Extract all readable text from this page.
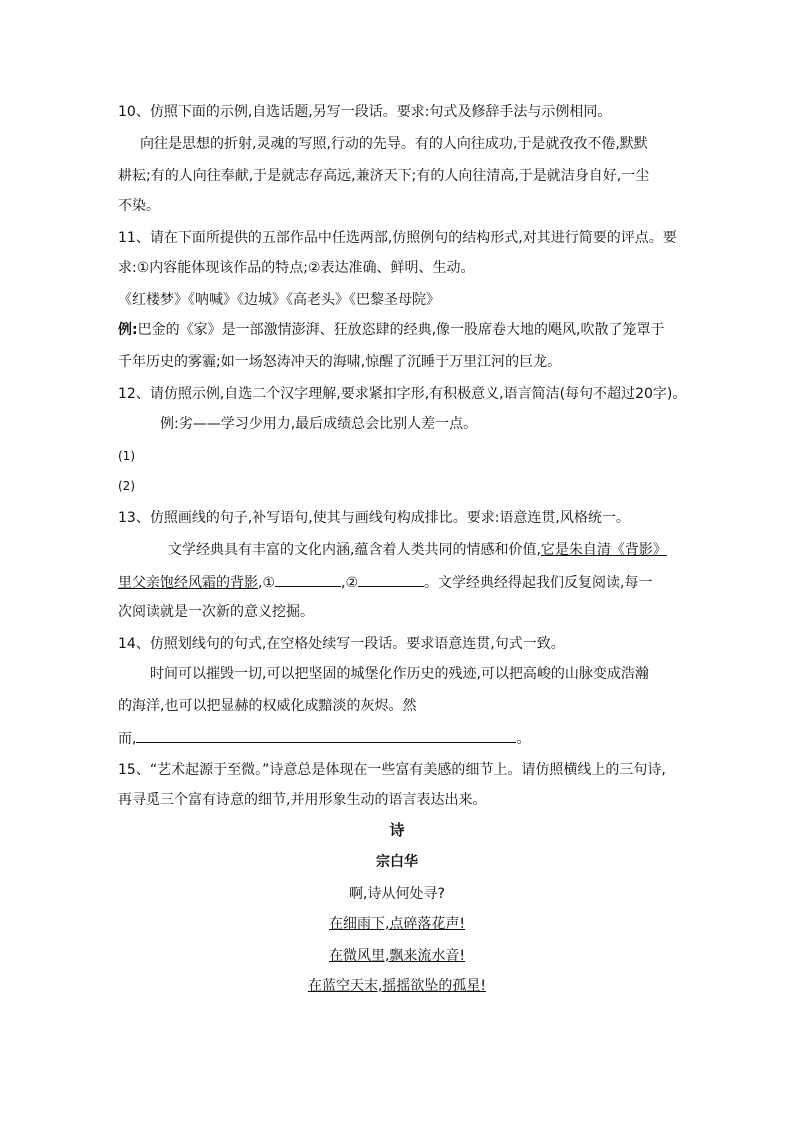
10、仿照下面的示例,自选话题,另写一段话。要求:句式及修辞手法与示例相同。
向往是思想的折射,灵魂的写照,行动的先导。有的人向往成功,于是就孜孜不倦,默默
耕耘;有的人向往奉献,于是就志存高远,兼济天下;有的人向往清高,于是就洁身自好,一尘
不染。
11、请在下面所提供的五部作品中任选两部,仿照例句的结构形式,对其进行简要的评点。要
求:①内容能体现该作品的特点;②表达准确、鲜明、生动。
《红楼梦》《呐喊》《边城》《高老头》《巴黎圣母院》
例:巴金的《家》是一部激情澎湃、狂放恣肆的经典,像一股席卷大地的飓风,吹散了笼罩于
千年历史的雾霾;如一场怒涛冲天的海啸,惊醒了沉睡于万里江河的巨龙。
12、请仿照示例,自选二个汉字理解,要求紧扣字形,有积极意义,语言简洁(每句不超过20字)。
例:劣——学习少用力,最后成绩总会比别人差一点。
(1)
(2)
13、仿照画线的句子,补写语句,使其与画线句构成排比。要求:语意连贯,风格统一。
文学经典具有丰富的文化内涵,蕴含着人类共同的情感和价值,它是朱自清《背影》
里父亲饱经风霜的背影,①	,②	。文学经典经得起我们反复阅读,每一
次阅读就是一次新的意义挖掘。
14、仿照划线句的句式,在空格处续写一段话。要求语意连贯,句式一致。
时间可以摧毁一切,可以把坚固的城堡化作历史的残迹,可以把高峻的山脉变成浩瀚
的海洋,也可以把显赫的权威化成黯淡的灰烬。然
而,	。
15、“艺术起源于至微。”诗意总是体现在一些富有美感的细节上。请仿照横线上的三句诗,
再寻觅三个富有诗意的细节,并用形象生动的语言表达出来。
诗
宗白华
啊,诗从何处寻?
在细雨下,点碎落花声!
在微风里,飘来流水音!
在蓝空天末,摇摇欲坠的孤星!
